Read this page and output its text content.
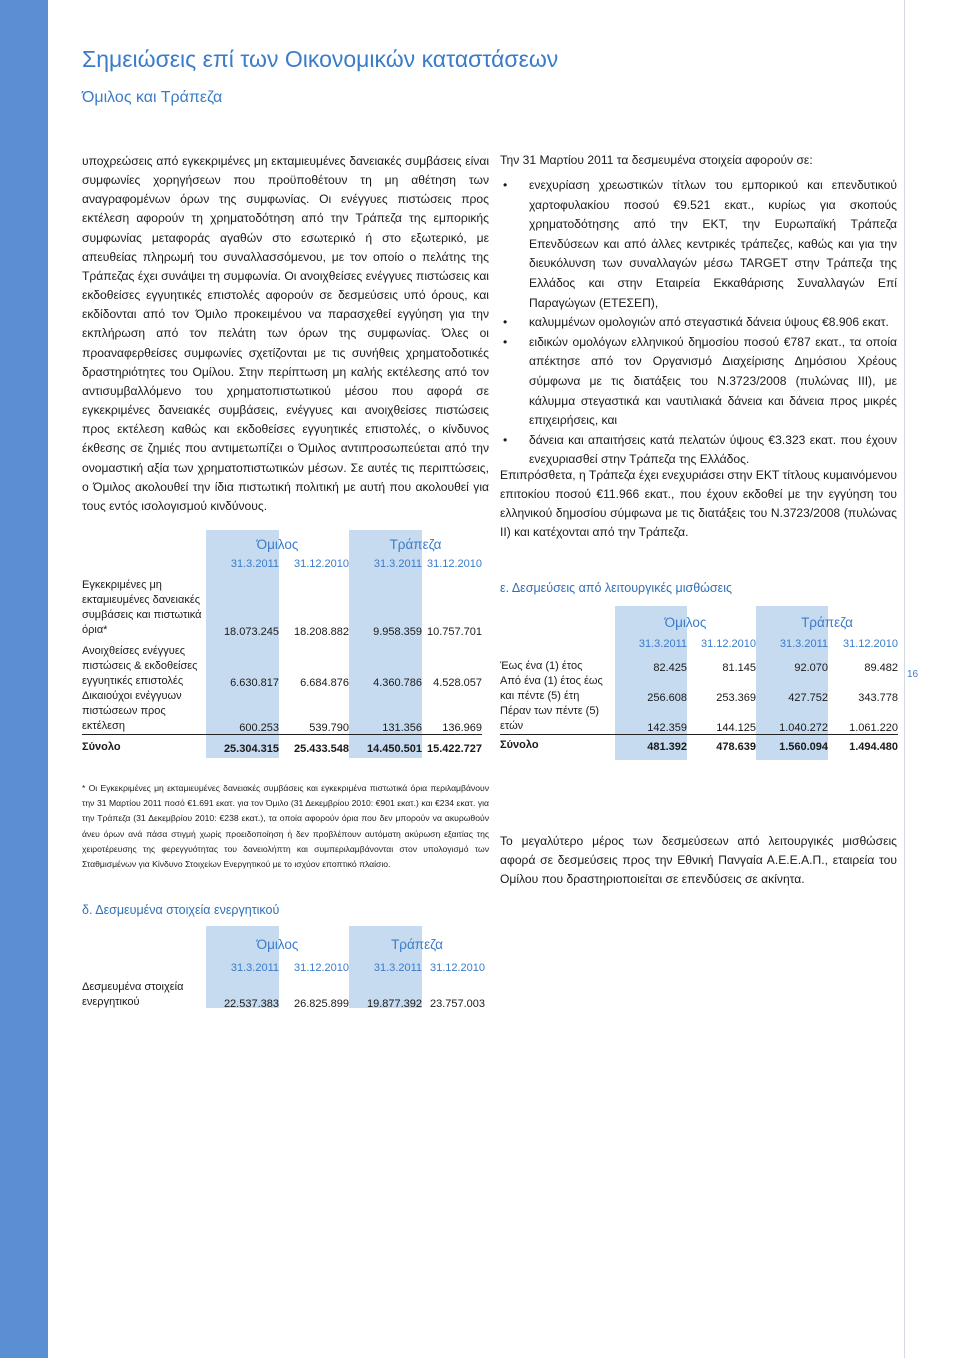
Σημειώσεις επί των Οικονομικών καταστάσεων
Όμιλος και Τράπεζα
16

υποχρεώσεις από εγκεκριμένες μη εκταμιευμένες δανειακές συμβάσεις είναι συμφωνίες χορηγήσεων που προϋποθέτουν τη μη αθέτηση των αναγραφομένων όρων της συμφωνίας. Οι ενέγγυες πιστώσεις προς εκτέλεση αφορούν τη χρηματοδότηση από την Τράπεζα της εμπορικής συμφωνίας μεταφοράς αγαθών στο εσωτερικό ή στο εξωτερικό, με απευθείας πληρωμή του συναλλασσόμενου, με τον οποίο ο πελάτης της Τράπεζας έχει συνάψει τη συμφωνία. Οι ανοιχθείσες ενέγγυες πιστώσεις και εκδοθείσες εγγυητικές επιστολές αφορούν σε δεσμεύσεις υπό όρους, και εκδίδονται από τον Όμιλο προκειμένου να παρασχεθεί εγγύηση για την εκπλήρωση από τον πελάτη των όρων της συμφωνίας. Όλες οι προαναφερθείσες συμφωνίες σχετίζονται με τις συνήθεις χρηματοδοτικές δραστηριότητες του Ομίλου. Στην περίπτωση μη καλής εκτέλεσης από τον αντισυμβαλλόμενο του χρηματοπιστωτικού μέσου που αφορά σε εγκεκριμένες δανειακές συμβάσεις, ενέγγυες και ανοιχθείσες πιστώσεις προς εκτέλεση καθώς και εκδοθείσες εγγυητικές επιστολές, ο κίνδυνος έκθεσης σε ζημιές που αντιμετωπίζει ο Όμιλος αντιπροσωπεύεται από την ονομαστική αξία των χρηματοπιστωτικών μέσων. Σε αυτές τις περιπτώσεις, ο Όμιλος ακολουθεί την ίδια πιστωτική πολιτική με αυτή που ακολουθεί για τους εντός ισολογισμού κινδύνους.

	Όμιλος		Τράπεζα	
	31.3.2011	31.12.2010	31.3.2011	31.12.2010

Εγκεκριμένες μη εκταμιευμένες δανειακές συμβάσεις και πιστωτικά όρια*	18.073.245	18.208.882	9.958.359	10.757.701

Ανοιχθείσες ενέγγυες πιστώσεις & εκδοθείσες εγγυητικές επιστολές	6.630.817	6.684.876	4.360.786	4.528.057
Δικαιούχοι ενέγγυων πιστώσεων προς εκτέλεση	600.253	539.790	131.356	136.969
Σύνολο	25.304.315	25.433.548	14.450.501	15.422.727

* Οι Εγκεκριμένες μη εκταμιευμένες δανειακές συμβάσεις και εγκεκριμένα πιστωτικά όρια περιλαμβάνουν την 31 Μαρτίου 2011 ποσό €1.691 εκατ. για τον Όμιλο (31 Δεκεμβρίου 2010: €901 εκατ.) και €234 εκατ. για την Τράπεζα (31 Δεκεμβρίου 2010: €238 εκατ.), τα οποία αφορούν όρια που δεν μπορούν να ακυρωθούν άνευ όρων ανά πάσα στιγμή χωρίς προειδοποίηση ή δεν προβλέπουν αυτόματη ακύρωση εξαιτίας της χειροτέρευσης της φερεγγυότητας του δανειολήπτη και συμπεριλαμβάνονται στον υπολογισμό των Σταθμισμένων για Κίνδυνο Στοιχείων Ενεργητικού με το ισχύον εποπτικό πλαίσιο.

δ. Δεσμευμένα στοιχεία ενεργητικού
	Όμιλος		Τράπεζα	
	31.3.2011	31.12.2010	31.3.2011	31.12.2010

Δεσμευμένα στοιχεία ενεργητικού	22.537.383	26.825.899	19.877.392	23.757.003
Την 31 Μαρτίου 2011 τα δεσμευμένα στοιχεία αφορούν σε:
• ενεχυρίαση χρεωστικών τίτλων του εμπορικού και επενδυτικού χαρτοφυλακίου ποσού €9.521 εκατ., κυρίως για σκοπούς χρηματοδότησης από την ΕΚΤ, την Ευρωπαϊκή Τράπεζα Επενδύσεων και από άλλες κεντρικές τράπεζες, καθώς και για την διευκόλυνση των συναλλαγών μέσω TARGET στην Τράπεζα της Ελλάδος και στην Εταιρεία Εκκαθάρισης Συναλλαγών Επί Παραγώγων (ΕΤΕΣΕΠ),
• καλυμμένων ομολογιών από στεγαστικά δάνεια ύψους €8.906 εκατ.
• ειδικών ομολόγων ελληνικού δημοσίου ποσού €787 εκατ., τα οποία απέκτησε από τον Οργανισμό Διαχείρισης Δημόσιου Χρέους σύμφωνα με τις διατάξεις του Ν.3723/2008 (πυλώνας ΙΙΙ), με κάλυμμα στεγαστικά και ναυτιλιακά δάνεια και δάνεια προς μικρές επιχειρήσεις, και
• δάνεια και απαιτήσεις κατά πελατών ύψους €3.323 εκατ. που έχουν ενεχυριασθεί στην Τράπεζα της Ελλάδος.

Επιπρόσθετα, η Τράπεζα έχει ενεχυριάσει στην ΕΚΤ τίτλους κυμαινόμενου επιτοκίου ποσού €11.966 εκατ., που έχουν εκδοθεί με την εγγύηση του ελληνικού δημοσίου σύμφωνα με τις διατάξεις του Ν.3723/2008 (πυλώνας ΙΙ) και κατέχονται από την Τράπεζα.

ε. Δεσμεύσεις από λειτουργικές μισθώσεις
	Όμιλος		Τράπεζα	
	31.3.2011	31.12.2010	31.3.2011	31.12.2010

Έως ένα (1) έτος	82.425	81.145	92.070	89.482
Από ένα (1) έτος έως και πέντε (5) έτη	256.608	253.369	427.752	343.778
Πέραν των πέντε (5) ετών	142.359	144.125	1.040.272	1.061.220
Σύνολο	481.392	478.639	1.560.094	1.494.480

Το μεγαλύτερο μέρος των δεσμεύσεων από λειτουργικές μισθώσεις αφορά σε δεσμεύσεις προς την Εθνική Πανγαία Α.Ε.Ε.Α.Π., εταιρεία του Ομίλου που δραστηριοποιείται σε επενδύσεις σε ακίνητα.
